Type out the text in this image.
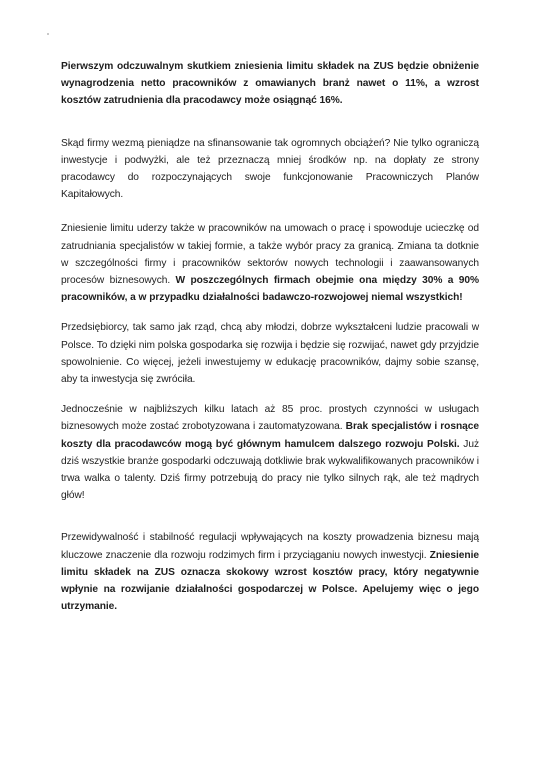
Pierwszym odczuwalnym skutkiem zniesienia limitu składek na ZUS będzie obniżenie wynagrodzenia netto pracowników z omawianych branż nawet o 11%, a wzrost kosztów zatrudnienia dla pracodawcy może osiągnąć 16%.

Skąd firmy wezmą pieniądze na sfinansowanie tak ogromnych obciążeń? Nie tylko ograniczą inwestycje i podwyżki, ale też przeznaczą mniej środków np. na dopłaty ze strony pracodawcy do rozpoczynających swoje funkcjonowanie Pracowniczych Planów Kapitałowych.

Zniesienie limitu uderzy także w pracowników na umowach o pracę i spowoduje ucieczkę od zatrudniania specjalistów w takiej formie, a także wybór pracy za granicą. Zmiana ta dotknie w szczególności firmy i pracowników sektorów nowych technologii i zaawansowanych procesów biznesowych. W poszczególnych firmach obejmie ona między 30% a 90% pracowników, a w przypadku działalności badawczo-rozwojowej niemal wszystkich!

Przedsiębiorcy, tak samo jak rząd, chcą aby młodzi, dobrze wykształceni ludzie pracowali w Polsce. To dzięki nim polska gospodarka się rozwija i będzie się rozwijać, nawet gdy przyjdzie spowolnienie. Co więcej, jeżeli inwestujemy w edukację pracowników, dajmy sobie szansę, aby ta inwestycja się zwróciła.

Jednocześnie w najbliższych kilku latach aż 85 proc. prostych czynności w usługach biznesowych może zostać zrobotyzowana i zautomatyzowana. Brak specjalistów i rosnące koszty dla pracodawców mogą być głównym hamulcem dalszego rozwoju Polski. Już dziś wszystkie branże gospodarki odczuwają dotkliwie brak wykwalifikowanych pracowników i trwa walka o talenty. Dziś firmy potrzebują do pracy nie tylko silnych rąk, ale też mądrych głów!

Przewidywalność i stabilność regulacji wpływających na koszty prowadzenia biznesu mają kluczowe znaczenie dla rozwoju rodzimych firm i przyciąganiu nowych inwestycji. Zniesienie limitu składek na ZUS oznacza skokowy wzrost kosztów pracy, który negatywnie wpłynie na rozwijanie działalności gospodarczej w Polsce. Apelujemy więc o jego utrzymanie.
